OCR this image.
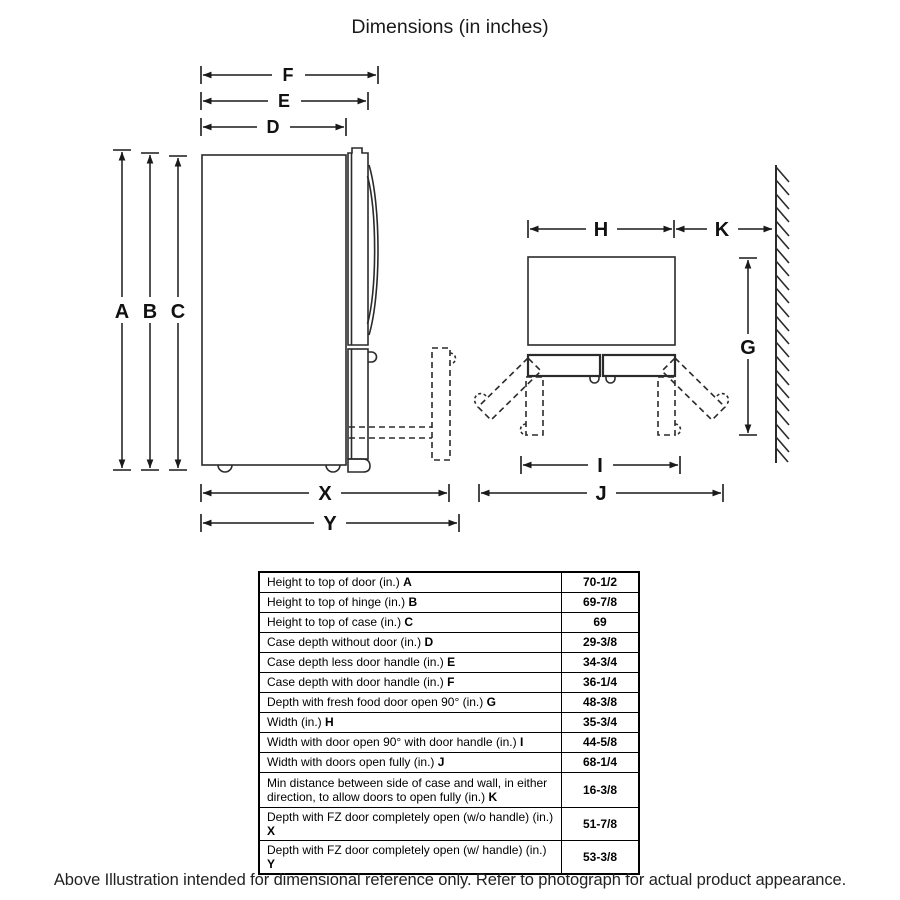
Dimensions (in inches)
F
E
D
A B C
X
Y
H	K
G
I
J
Height to top of door (in.) A	70-1/2
Height to top of hinge (in.) B	69-7/8
Height to top of case (in.) C	69
Case depth without door (in.) D	29-3/8
Case depth less door handle (in.) E	34-3/4
Case depth with door handle (in.) F	36-1/4
Depth with fresh food door open 90° (in.) G	48-3/8
Width (in.) H	35-3/4
Width with door open 90° with door handle (in.) I	44-5/8
Width with doors open fully (in.) J	68-1/4
Min distance between side of case and wall, in either direction, to allow doors to open fully (in.) K	16-3/8
Depth with FZ door completely open (w/o handle) (in.) X	51-7/8
Depth with FZ door completely open (w/ handle) (in.) Y	53-3/8
Above Illustration intended for dimensional reference only. Refer to photograph for actual product appearance.
